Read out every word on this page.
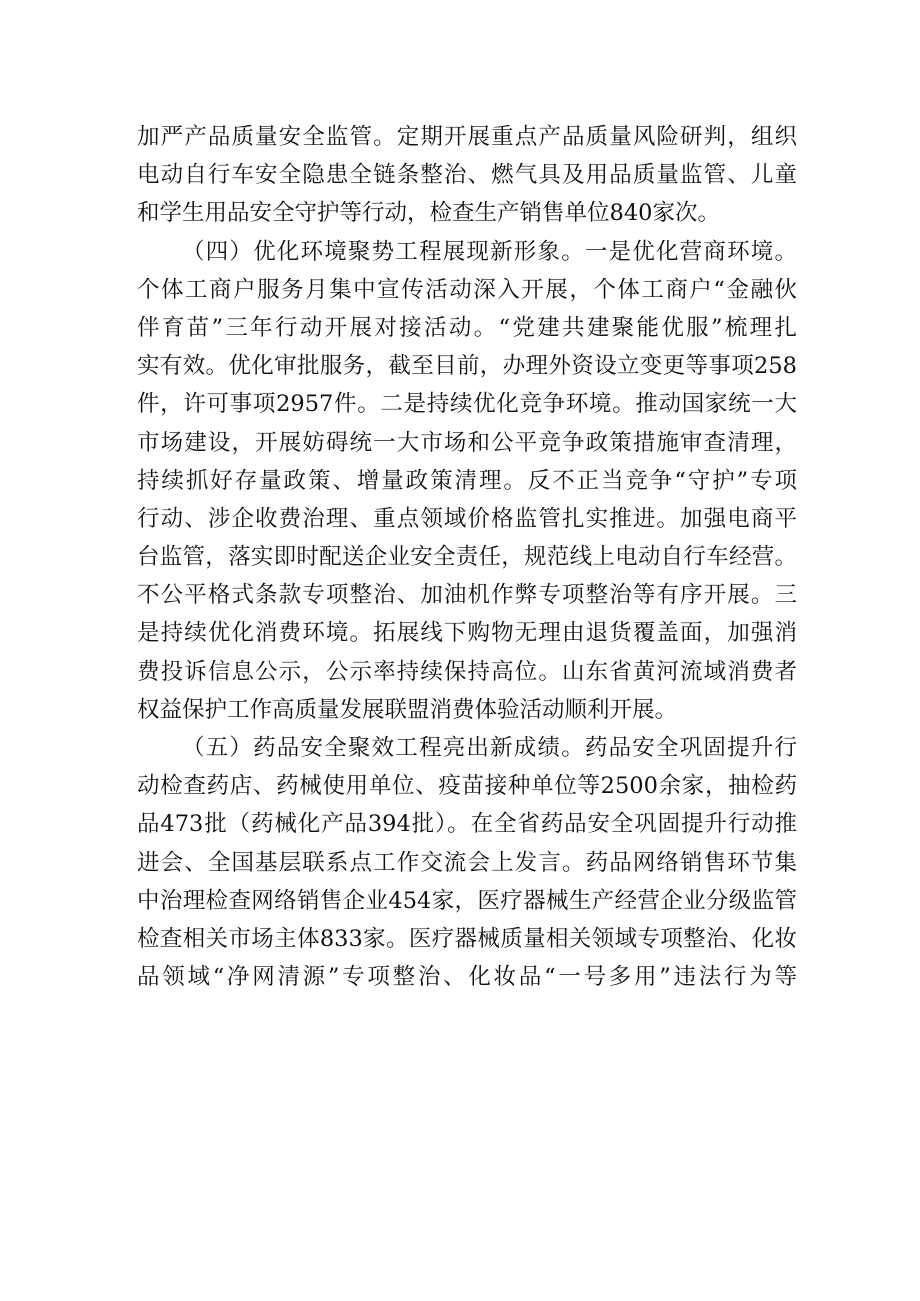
加严产品质量安全监管。定期开展重点产品质量风险研判，组织
电动自行车安全隐患全链条整治、燃气具及用品质量监管、儿童
和学生用品安全守护等行动，检查生产销售单位840家次。
（四）优化环境聚势工程展现新形象。一是优化营商环境。
个体工商户服务月集中宣传活动深入开展，个体工商户“金融伙
伴育苗”三年行动开展对接活动。“党建共建聚能优服”梳理扎
实有效。优化审批服务，截至目前，办理外资设立变更等事项258
件，许可事项2957件。二是持续优化竞争环境。推动国家统一大
市场建设，开展妨碍统一大市场和公平竞争政策措施审查清理，
持续抓好存量政策、增量政策清理。反不正当竞争“守护”专项
行动、涉企收费治理、重点领域价格监管扎实推进。加强电商平
台监管，落实即时配送企业安全责任，规范线上电动自行车经营。
不公平格式条款专项整治、加油机作弊专项整治等有序开展。三
是持续优化消费环境。拓展线下购物无理由退货覆盖面，加强消
费投诉信息公示，公示率持续保持高位。山东省黄河流域消费者
权益保护工作高质量发展联盟消费体验活动顺利开展。
（五）药品安全聚效工程亮出新成绩。药品安全巩固提升行
动检查药店、药械使用单位、疫苗接种单位等2500余家，抽检药
品473批（药械化产品394批）。在全省药品安全巩固提升行动推
进会、全国基层联系点工作交流会上发言。药品网络销售环节集
中治理检查网络销售企业454家，医疗器械生产经营企业分级监管
检查相关市场主体833家。医疗器械质量相关领域专项整治、化妆
品领域“净网清源”专项整治、化妆品“一号多用”违法行为等
